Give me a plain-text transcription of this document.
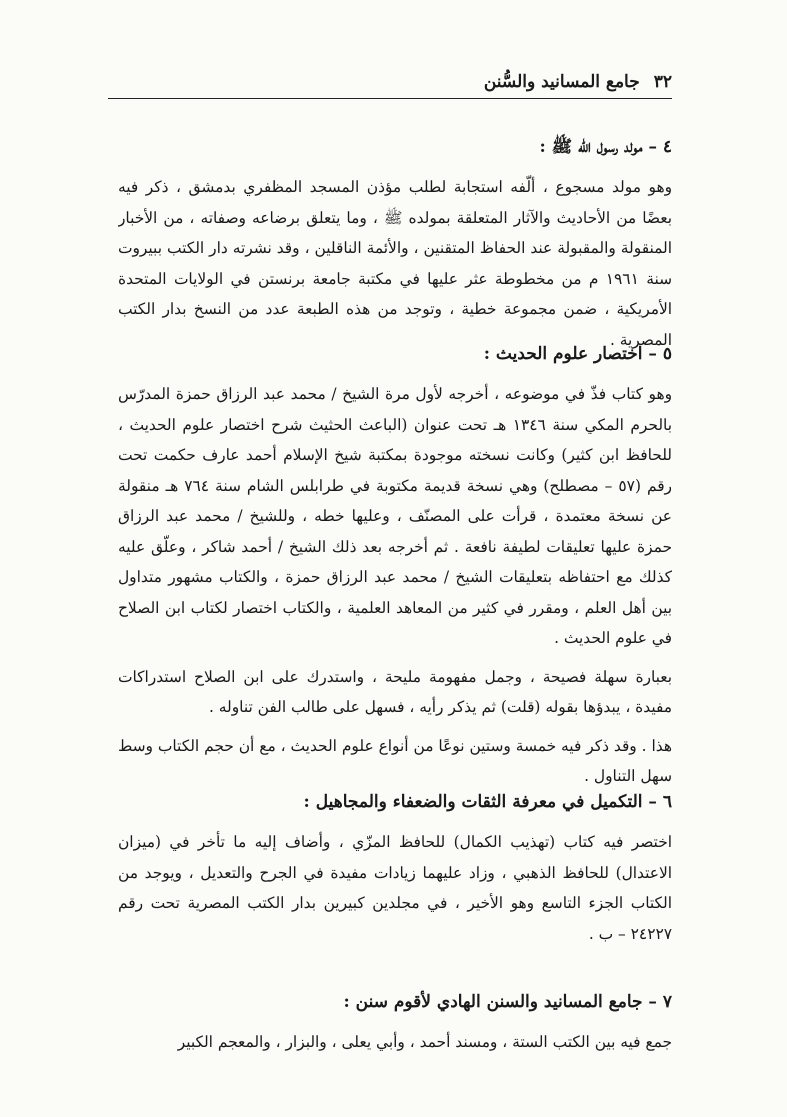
٣٢
جامع المسانيد والسُّنن
٤ – مولد رسول الله ﷺ :

وهو مولد مسجوع ، ألّفه استجابة لطلب مؤذن المسجد المظفري بدمشق ، ذكر فيه بعضًا من الأحاديث والآثار المتعلقة بمولده ﷺ ، وما يتعلق برضاعه وصفاته ، من الأخبار المنقولة والمقبولة عند الحفاظ المتقنين ، والأئمة الناقلين ، وقد نشرته دار الكتب ببيروت سنة ١٩٦١ م من مخطوطة عثر عليها في مكتبة جامعة برنستن في الولايات المتحدة الأمريكية ، ضمن مجموعة خطية ، وتوجد من هذه الطبعة عدد من النسخ بدار الكتب المصرية .

٥ – اختصار علوم الحديث :

وهو كتاب فذّ في موضوعه ، أخرجه لأول مرة الشيخ / محمد عبد الرزاق حمزة المدرّس بالحرم المكي سنة ١٣٤٦ هـ تحت عنوان (الباعث الحثيث شرح اختصار علوم الحديث ، للحافظ ابن كثير) وكانت نسخته موجودة بمكتبة شيخ الإسلام أحمد عارف حكمت تحت رقم (٥٧ – مصطلح) وهي نسخة قديمة مكتوبة في طرابلس الشام سنة ٧٦٤ هـ منقولة عن نسخة معتمدة ، قرأت على المصنّف ، وعليها خطه ، وللشيخ / محمد عبد الرزاق حمزة عليها تعليقات لطيفة نافعة . ثم أخرجه بعد ذلك الشيخ / أحمد شاكر ، وعلّق عليه كذلك مع احتفاظه بتعليقات الشيخ / محمد عبد الرزاق حمزة ، والكتاب مشهور متداول بين أهل العلم ، ومقرر في كثير من المعاهد العلمية ، والكتاب اختصار لكتاب ابن الصلاح في علوم الحديث .

بعبارة سهلة فصيحة ، وجمل مفهومة مليحة ، واستدرك على ابن الصلاح استدراكات مفيدة ، يبدؤها بقوله (قلت) ثم يذكر رأيه ، فسهل على طالب الفن تناوله .

هذا . وقد ذكر فيه خمسة وستين نوعًا من أنواع علوم الحديث ، مع أن حجم الكتاب وسط سهل التناول .

٦ – التكميل في معرفة الثقات والضعفاء والمجاهيل :

اختصر فيه كتاب (تهذيب الكمال) للحافظ المزّي ، وأضاف إليه ما تأخر في (ميزان الاعتدال) للحافظ الذهبي ، وزاد عليهما زيادات مفيدة في الجرح والتعديل ، ويوجد من الكتاب الجزء التاسع وهو الأخير ، في مجلدين كبيرين بدار الكتب المصرية تحت رقم ٢٤٢٢٧ – ب .

٧ – جامع المسانيد والسنن الهادي لأقوم سنن :

جمع فيه بين الكتب الستة ، ومسند أحمد ، وأبي يعلى ، والبزار ، والمعجم الكبير
